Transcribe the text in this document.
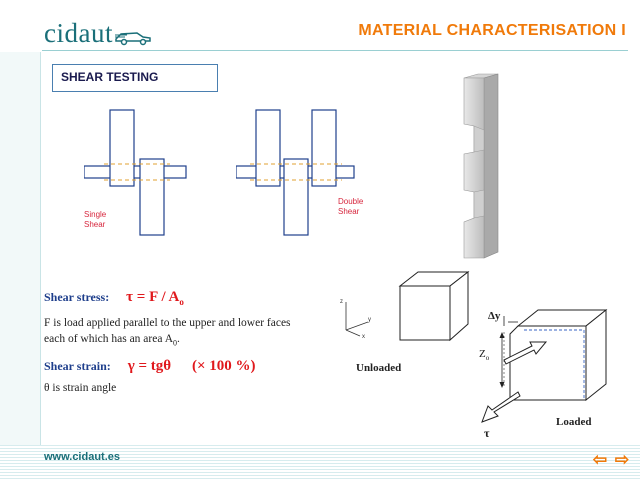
cidaut	MATERIAL CHARACTERISATION I
SHEAR TESTING
Single
Shear
Double
Shear
Shear stress: $\tau = F / A_o$
F is load applied parallel to the upper and lower faces
each of which has an area $A_0$.
Shear strain: γ = tgθ (× 100 %)
θ is strain angle
z
y
x
Unloaded
Δy
$Z_o$
τ
Loaded
www.cidaut.es	⇦ ⇨
